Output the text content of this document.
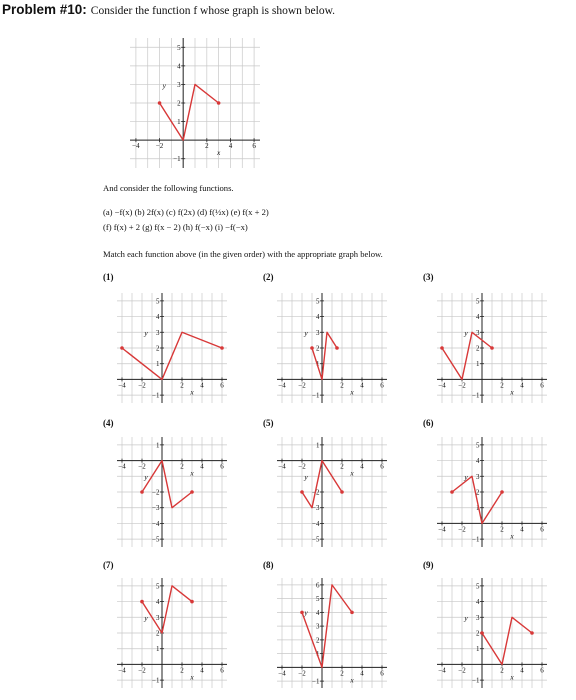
Problem #10: Consider the function f whose graph is shown below.
−4 −2	2	4	6
5
4
3
2
1
−1
x
y
And consider the following functions.
(a) −f(x) (b) 2f(x) (c) f(2x) (d) f(½x) (e) f(x + 2)
(f) f(x) + 2 (g) f(x − 2) (h) f(−x) (i) −f(−x)
Match each function above (in the given order) with the appropriate graph below.
(1)	(2)	(3)
(4)	(5)	(6)
(7)	(8)	(9)
−4 −2	2 4 6
5
4
3
2
1
−1	x
y
−4 −2	2 4 6
5
4
3
2
1
−1	x
y
−4 −2	2 4 6
5
4
3
2
1
−1	x
y
−4 −2	2 4 6
1
−2
−3
−4
−5
x
y
−4 −2	2 4 6
1
−2
−3
−4
−5
x
y
−4 −2	2 4 6
5
4
3
2
1
−1	x
y
−4 −2	2 4 6
5
4
3
2
1
−1	x
y
−4 −2	2 4 6
6
5
4
3
2
1
−1	x
y
−4 −2	2 4 6
5
4
3
2
1
−1	x
y
